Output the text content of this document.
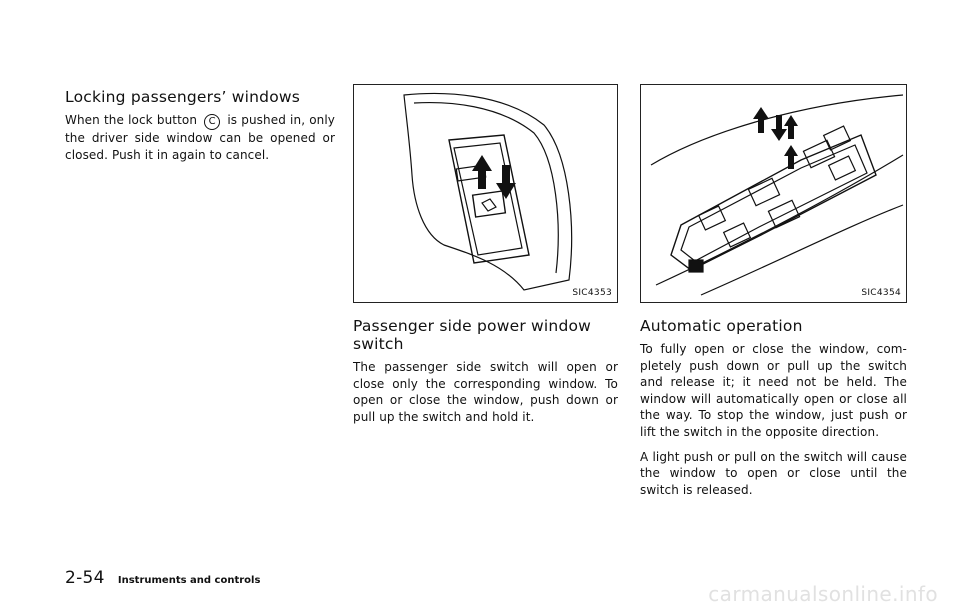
Locking passengers’ windows

When the lock button C is pushed in, only the driver side window can be opened or closed. Push it in again to cancel.

SIC4353
Passenger side power window switch

The passenger side switch will open or close only the corresponding window. To open or close the window, push down or pull up the switch and hold it.

SIC4354
Automatic operation

To fully open or close the window, com- pletely push down or pull up the switch and release it; it need not be held. The window will automatically open or close all the way. To stop the window, just push or lift the switch in the opposite direction.

A light push or pull on the switch will cause the window to open or close until the switch is released.

2-54 Instruments and controls
carmanualsonline.info
